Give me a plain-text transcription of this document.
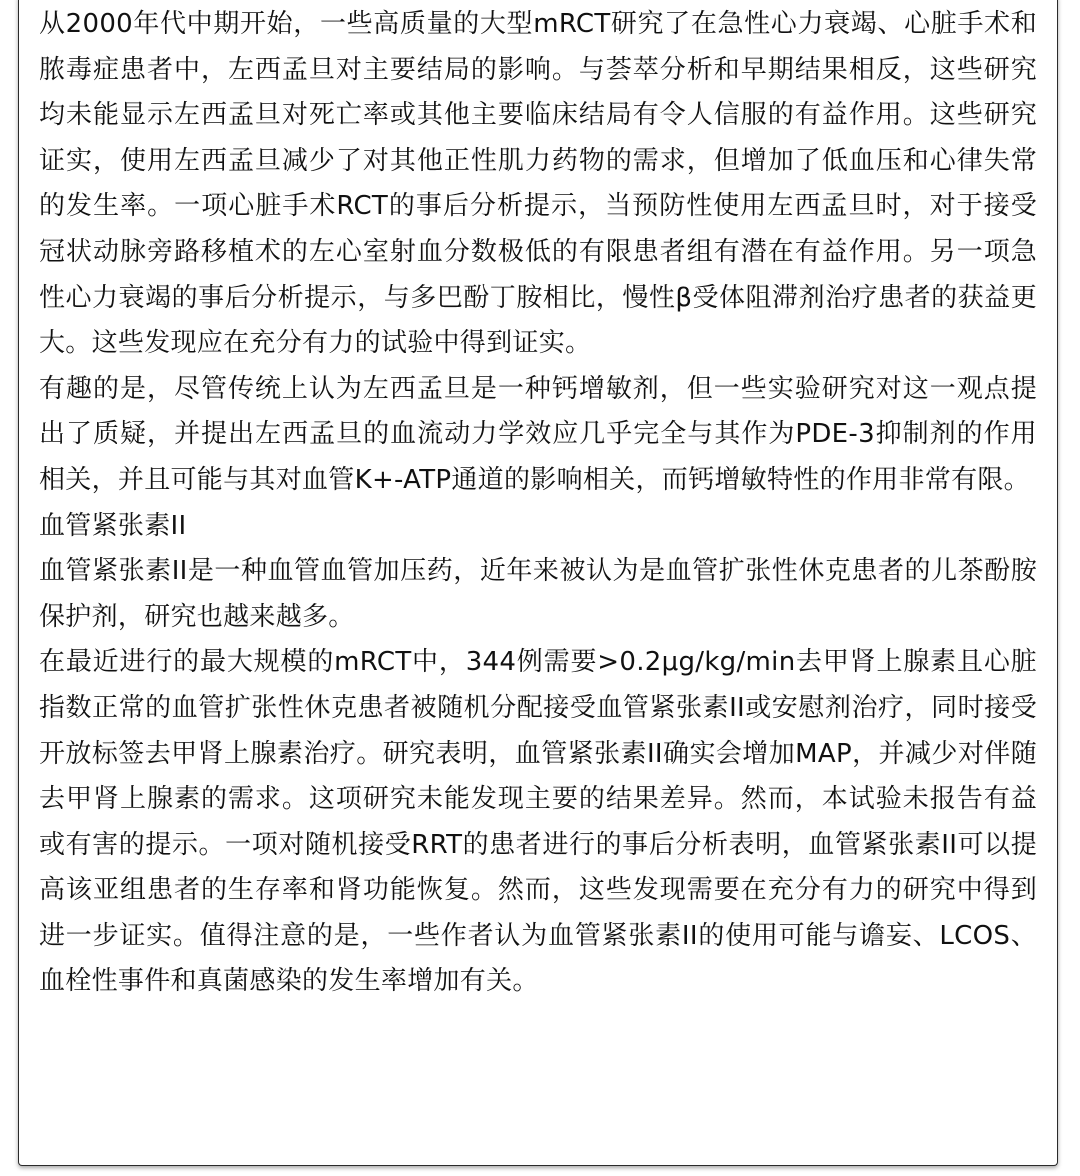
从2000年代中期开始，一些高质量的大型mRCT研究了在急性心力衰竭、心脏手术和脓毒症患者中，左西孟旦对主要结局的影响。与荟萃分析和早期结果相反，这些研究均未能显示左西孟旦对死亡率或其他主要临床结局有令人信服的有益作用。这些研究证实，使用左西孟旦减少了对其他正性肌力药物的需求，但增加了低血压和心律失常的发生率。一项心脏手术RCT的事后分析提示，当预防性使用左西孟旦时，对于接受冠状动脉旁路移植术的左心室射血分数极低的有限患者组有潜在有益作用。另一项急性心力衰竭的事后分析提示，与多巴酚丁胺相比，慢性β受体阻滞剂治疗患者的获益更大。这些发现应在充分有力的试验中得到证实。

有趣的是，尽管传统上认为左西孟旦是一种钙增敏剂，但一些实验研究对这一观点提出了质疑，并提出左西孟旦的血流动力学效应几乎完全与其作为PDE-3抑制剂的作用相关，并且可能与其对血管K+-ATP通道的影响相关，而钙增敏特性的作用非常有限。

血管紧张素II

血管紧张素II是一种血管血管加压药，近年来被认为是血管扩张性休克患者的儿茶酚胺保护剂，研究也越来越多。

在最近进行的最大规模的mRCT中，344例需要>0.2μg/kg/min去甲肾上腺素且心脏指数正常的血管扩张性休克患者被随机分配接受血管紧张素II或安慰剂治疗，同时接受开放标签去甲肾上腺素治疗。研究表明，血管紧张素II确实会增加MAP，并减少对伴随去甲肾上腺素的需求。这项研究未能发现主要的结果差异。然而，本试验未报告有益或有害的提示。一项对随机接受RRT的患者进行的事后分析表明，血管紧张素II可以提高该亚组患者的生存率和肾功能恢复。然而，这些发现需要在充分有力的研究中得到进一步证实。值得注意的是，一些作者认为血管紧张素II的使用可能与谵妄、LCOS、血栓性事件和真菌感染的发生率增加有关。
